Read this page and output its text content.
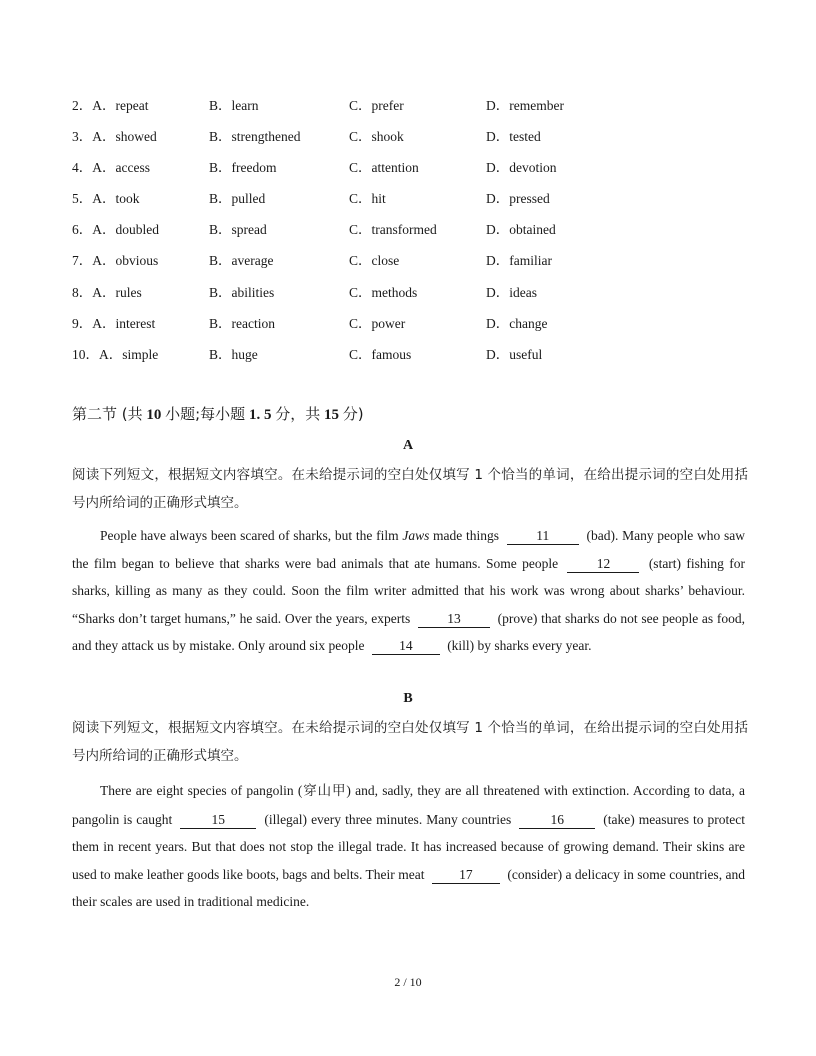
2．A．repeat	B．learn	C．prefer	D．remember
3．A．showed	B．strengthened	C．shook	D．tested
4．A．access	B．freedom	C．attention	D．devotion
5．A．took	B．pulled	C．hit	D．pressed
6．A．doubled	B．spread	C．transformed	D．obtained
7．A．obvious	B．average	C．close	D．familiar
8．A．rules	B．abilities	C．methods	D．ideas
9．A．interest	B．reaction	C．power	D．change
10．A．simple	B．huge	C．famous	D．useful
第二节 (共 10 小题;每小题 1. 5 分，共 15 分)
A
阅读下列短文，根据短文内容填空。在未给提示词的空白处仅填写 1 个恰当的单词，在给出提示词的空白处用括号内所给词的正确形式填空。
People have always been scared of sharks, but the film Jaws made things 11 (bad). Many people who saw the film began to believe that sharks were bad animals that ate humans. Some people 12 (start) fishing for sharks, killing as many as they could. Soon the film writer admitted that his work was wrong about sharks’ behaviour. “Sharks don’t target humans,” he said. Over the years, experts 13 (prove) that sharks do not see people as food, and they attack us by mistake. Only around six people 14 (kill) by sharks every year.
B
阅读下列短文，根据短文内容填空。在未给提示词的空白处仅填写 1 个恰当的单词，在给出提示词的空白处用括号内所给词的正确形式填空。
There are eight species of pangolin (穿山甲) and, sadly, they are all threatened with extinction. According to data, a pangolin is caught	15	(illegal) every three minutes. Many countries	16	(take) measures to protect them in recent years. But that does not stop the illegal trade. It has increased because of growing demand. Their skins are used to make leather goods like boots, bags and belts. Their meat 17 (consider) a delicacy in some countries, and their scales are used in traditional medicine.
2 / 10
